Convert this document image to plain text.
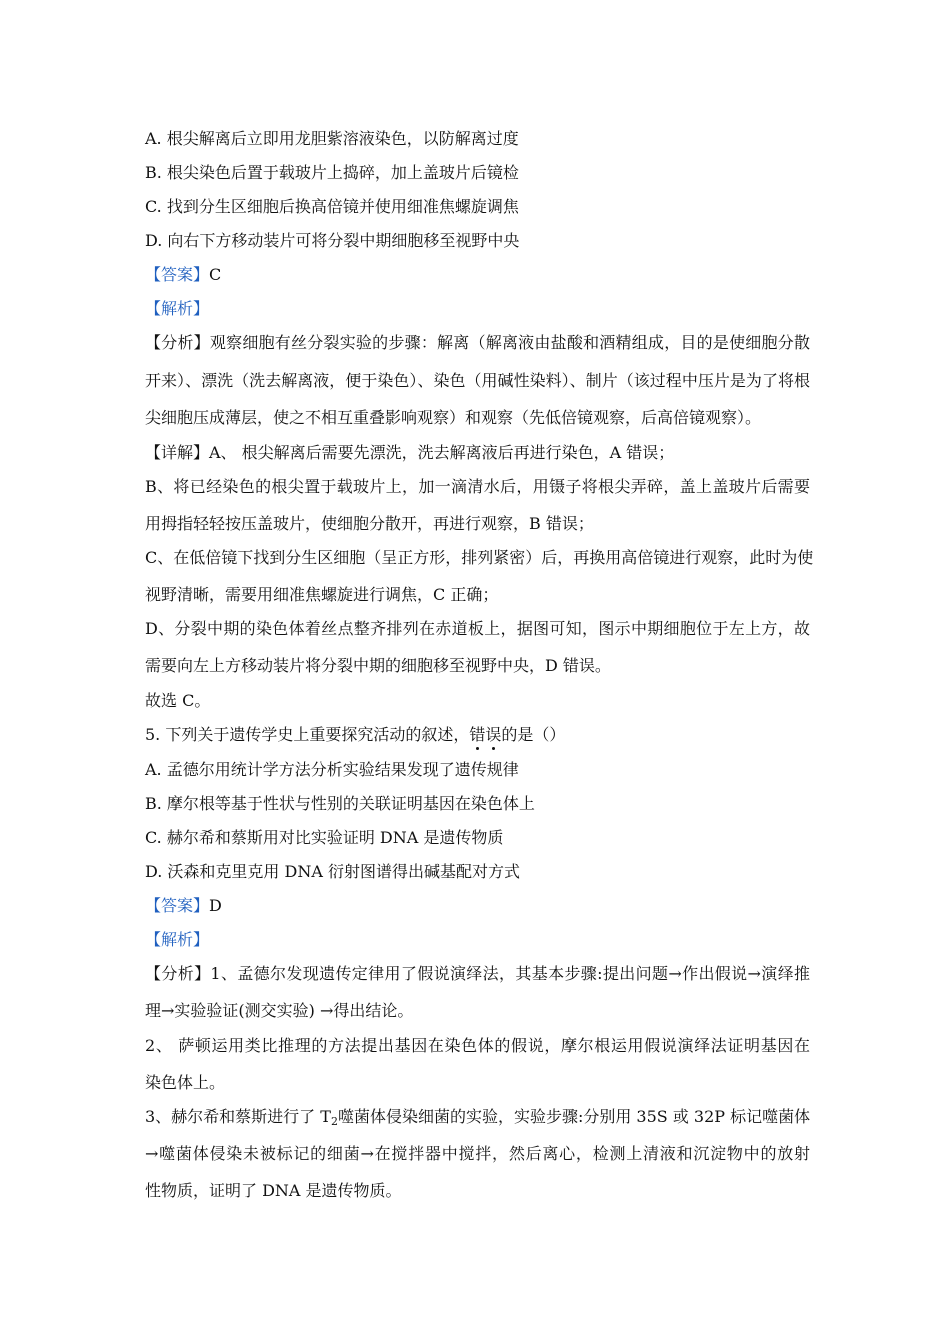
A. 根尖解离后立即用龙胆紫溶液染色，以防解离过度
B. 根尖染色后置于载玻片上捣碎，加上盖玻片后镜检
C. 找到分生区细胞后换高倍镜并使用细准焦螺旋调焦
D. 向右下方移动装片可将分裂中期细胞移至视野中央
【答案】C
【解析】
【分析】观察细胞有丝分裂实验的步骤：解离（解离液由盐酸和酒精组成，目的是使细胞分散
开来）、漂洗（洗去解离液，便于染色）、染色（用碱性染料）、制片（该过程中压片是为了将根
尖细胞压成薄层，使之不相互重叠影响观察）和观察（先低倍镜观察，后高倍镜观察）。
【详解】A、 根尖解离后需要先漂洗，洗去解离液后再进行染色，A 错误；
B、将已经染色的根尖置于载玻片上，加一滴清水后，用镊子将根尖弄碎，盖上盖玻片后需要
用拇指轻轻按压盖玻片，使细胞分散开，再进行观察，B 错误；
C、在低倍镜下找到分生区细胞（呈正方形，排列紧密）后，再换用高倍镜进行观察，此时为使
视野清晰，需要用细准焦螺旋进行调焦，C 正确；
D、分裂中期的染色体着丝点整齐排列在赤道板上，据图可知，图示中期细胞位于左上方，故
需要向左上方移动装片将分裂中期的细胞移至视野中央，D 错误。
故选 C。
5. 下列关于遗传学史上重要探究活动的叙述，错误的是（）
A. 孟德尔用统计学方法分析实验结果发现了遗传规律
B. 摩尔根等基于性状与性别的关联证明基因在染色体上
C. 赫尔希和蔡斯用对比实验证明 DNA 是遗传物质
D. 沃森和克里克用 DNA 衍射图谱得出碱基配对方式
【答案】D
【解析】
【分析】1、孟德尔发现遗传定律用了假说演绎法，其基本步骤:提出问题→作出假说→演绎推
理→实验验证(测交实验) →得出结论。
2、 萨顿运用类比推理的方法提出基因在染色体的假说，摩尔根运用假说演绎法证明基因在
染色体上。
3、赫尔希和蔡斯进行了 $T_2$噬菌体侵染细菌的实验，实验步骤:分别用 35S 或 32P 标记噬菌体
→噬菌体侵染未被标记的细菌→在搅拌器中搅拌，然后离心，检测上清液和沉淀物中的放射
性物质，证明了 DNA 是遗传物质。
